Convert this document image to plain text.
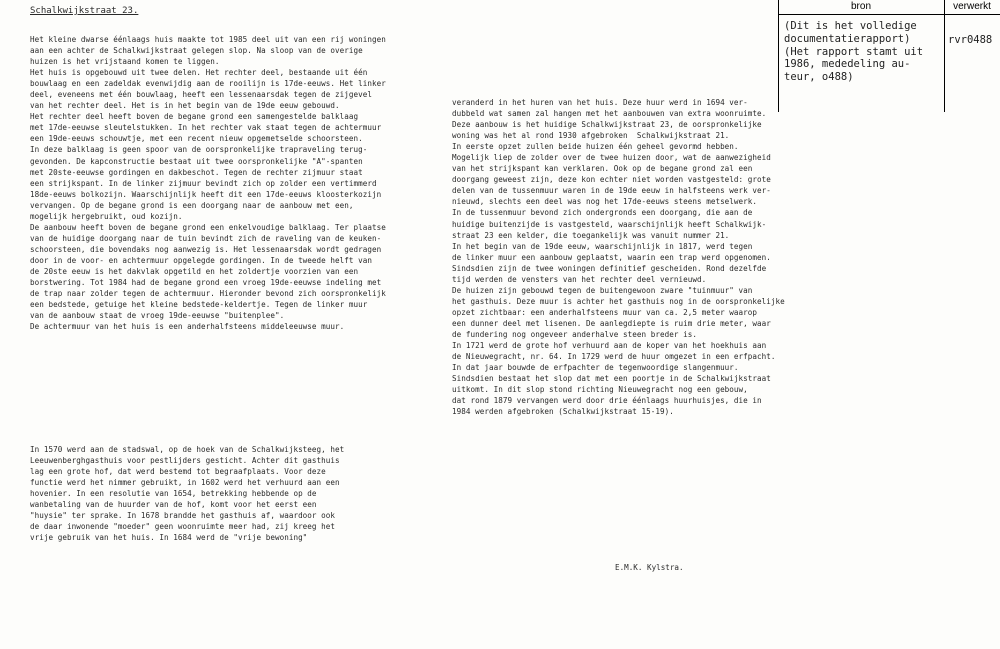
Schalkwijkstraat 23.	bron	verwerkt
(Dit is het volledige
documentatierapport)
(Het rapport stamt uit
1986, mededeling au-
teur, o488)
rvr0488
Het kleine dwarse éénlaags huis maakte tot 1985 deel uit van een rij woningen
aan een achter de Schalkwijkstraat gelegen slop. Na sloop van de overige
huizen is het vrijstaand komen te liggen.
Het huis is opgebouwd uit twee delen. Het rechter deel, bestaande uit één
bouwlaag en een zadeldak evenwijdig aan de rooilijn is 17de-eeuws. Het linker
deel, eveneens met één bouwlaag, heeft een lessenaarsdak tegen de zijgevel
van het rechter deel. Het is in het begin van de 19de eeuw gebouwd.
Het rechter deel heeft boven de begane grond een samengestelde balklaag
met 17de-eeuwse sleutelstukken. In het rechter vak staat tegen de achtermuur
een 19de-eeuws schouwtje, met een recent nieuw opgemetselde schoorsteen.
In deze balklaag is geen spoor van de oorspronkelijke trapraveling terug-
gevonden. De kapconstructie bestaat uit twee oorspronkelijke "A"-spanten
met 20ste-eeuwse gordingen en dakbeschot. Tegen de rechter zijmuur staat
een strijkspant. In de linker zijmuur bevindt zich op zolder een vertimmerd
18de-eeuws bolkozijn. Waarschijnlijk heeft dit een 17de-eeuws kloosterkozijn
vervangen. Op de begane grond is een doorgang naar de aanbouw met een,
mogelijk hergebruikt, oud kozijn.
De aanbouw heeft boven de begane grond een enkelvoudige balklaag. Ter plaatse
van de huidige doorgang naar de tuin bevindt zich de raveling van de keuken-
schoorsteen, die bovendaks nog aanwezig is. Het lessenaarsdak wordt gedragen
door in de voor- en achtermuur opgelegde gordingen. In de tweede helft van
de 20ste eeuw is het dakvlak opgetild en het zoldertje voorzien van een
borstwering. Tot 1984 had de begane grond een vroeg 19de-eeuwse indeling met
de trap naar zolder tegen de achtermuur. Hieronder bevond zich oorspronkelijk
een bedstede, getuige het kleine bedstede-keldertje. Tegen de linker muur
van de aanbouw staat de vroeg 19de-eeuwse "buitenplee".
De achtermuur van het huis is een anderhalfsteens middeleeuwse muur.
In 1570 werd aan de stadswal, op de hoek van de Schalkwijksteeg, het
Leeuwenberghgasthuis voor pestlijders gesticht. Achter dit gasthuis
lag een grote hof, dat werd bestemd tot begraafplaats. Voor deze
functie werd het nimmer gebruikt, in 1602 werd het verhuurd aan een
hovenier. In een resolutie van 1654, betrekking hebbende op de
wanbetaling van de huurder van de hof, komt voor het eerst een
"huysie" ter sprake. In 1678 brandde het gasthuis af, waardoor ook
de daar inwonende "moeder" geen woonruimte meer had, zij kreeg het
vrije gebruik van het huis. In 1684 werd de "vrije bewoning"
veranderd in het huren van het huis. Deze huur werd in 1694 ver-
dubbeld wat samen zal hangen met het aanbouwen van extra woonruimte.
Deze aanbouw is het huidige Schalkwijkstraat 23, de oorspronkelijke
woning was het al rond 1930 afgebroken  Schalkwijkstraat 21.
In eerste opzet zullen beide huizen één geheel gevormd hebben.
Mogelijk liep de zolder over de twee huizen door, wat de aanwezigheid
van het strijkspant kan verklaren. Ook op de begane grond zal een
doorgang geweest zijn, deze kon echter niet worden vastgesteld: grote
delen van de tussenmuur waren in de 19de eeuw in halfsteens werk ver-
nieuwd, slechts een deel was nog het 17de-eeuws steens metselwerk.
In de tussenmuur bevond zich ondergronds een doorgang, die aan de
huidige buitenzijde is vastgesteld, waarschijnlijk heeft Schalkwijk-
straat 23 een kelder, die toegankelijk was vanuit nummer 21.
In het begin van de 19de eeuw, waarschijnlijk in 1817, werd tegen
de linker muur een aanbouw geplaatst, waarin een trap werd opgenomen.
Sindsdien zijn de twee woningen definitief gescheiden. Rond dezelfde
tijd werden de vensters van het rechter deel vernieuwd.
De huizen zijn gebouwd tegen de buitengewoon zware "tuinmuur" van
het gasthuis. Deze muur is achter het gasthuis nog in de oorspronkelijke
opzet zichtbaar: een anderhalfsteens muur van ca. 2,5 meter waarop
een dunner deel met lisenen. De aanlegdiepte is ruim drie meter, waar
de fundering nog ongeveer anderhalve steen breder is.
In 1721 werd de grote hof verhuurd aan de koper van het hoekhuis aan
de Nieuwegracht, nr. 64. In 1729 werd de huur omgezet in een erfpacht.
In dat jaar bouwde de erfpachter de tegenwoordige slangenmuur.
Sindsdien bestaat het slop dat met een poortje in de Schalkwijkstraat
uitkomt. In dit slop stond richting Nieuwegracht nog een gebouw,
dat rond 1879 vervangen werd door drie éénlaags huurhuisjes, die in
1984 werden afgebroken (Schalkwijkstraat 15-19).
E.M.K. Kylstra.
